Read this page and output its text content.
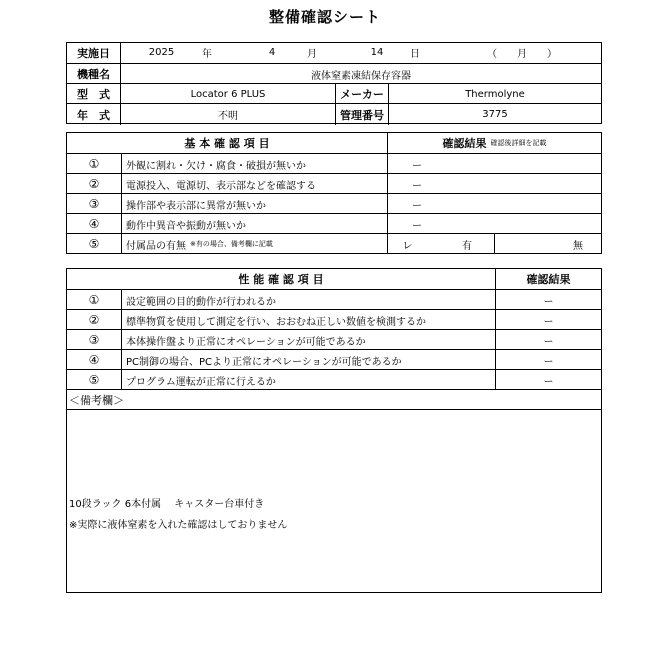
整備確認シート
実施日	2025	年	4	月	14	日	（　　月　　）
機種名	液体窒素凍結保存容器
型　式	Locator 6 PLUS	メーカー	Thermolyne
年　式	不明	管理番号	3775
基 本 確 認 項 目	確認結果 確認後詳細を記載
①	外観に割れ・欠け・腐食・破損が無いか	ー
②	電源投入、電源切、表示部などを確認する	ー
③	操作部や表示部に異常が無いか	ー
④	動作中異音や振動が無いか	ー
⑤	付属品の有無 ※有の場合、備考欄に記載	レ	有	無
性 能 確 認 項 目	確認結果
①	設定範囲の目的動作が行われるか	ー
②	標準物質を使用して測定を行い、おおむね正しい数値を検測するか	ー
③	本体操作盤より正常にオペレーションが可能であるか	ー
④	PC制御の場合、PCより正常にオペレーションが可能であるか	ー
⑤	プログラム運転が正常に行えるか	ー
＜備考欄＞
10段ラック 6本付属　 キャスター台車付き
※実際に液体窒素を入れた確認はしておりません
